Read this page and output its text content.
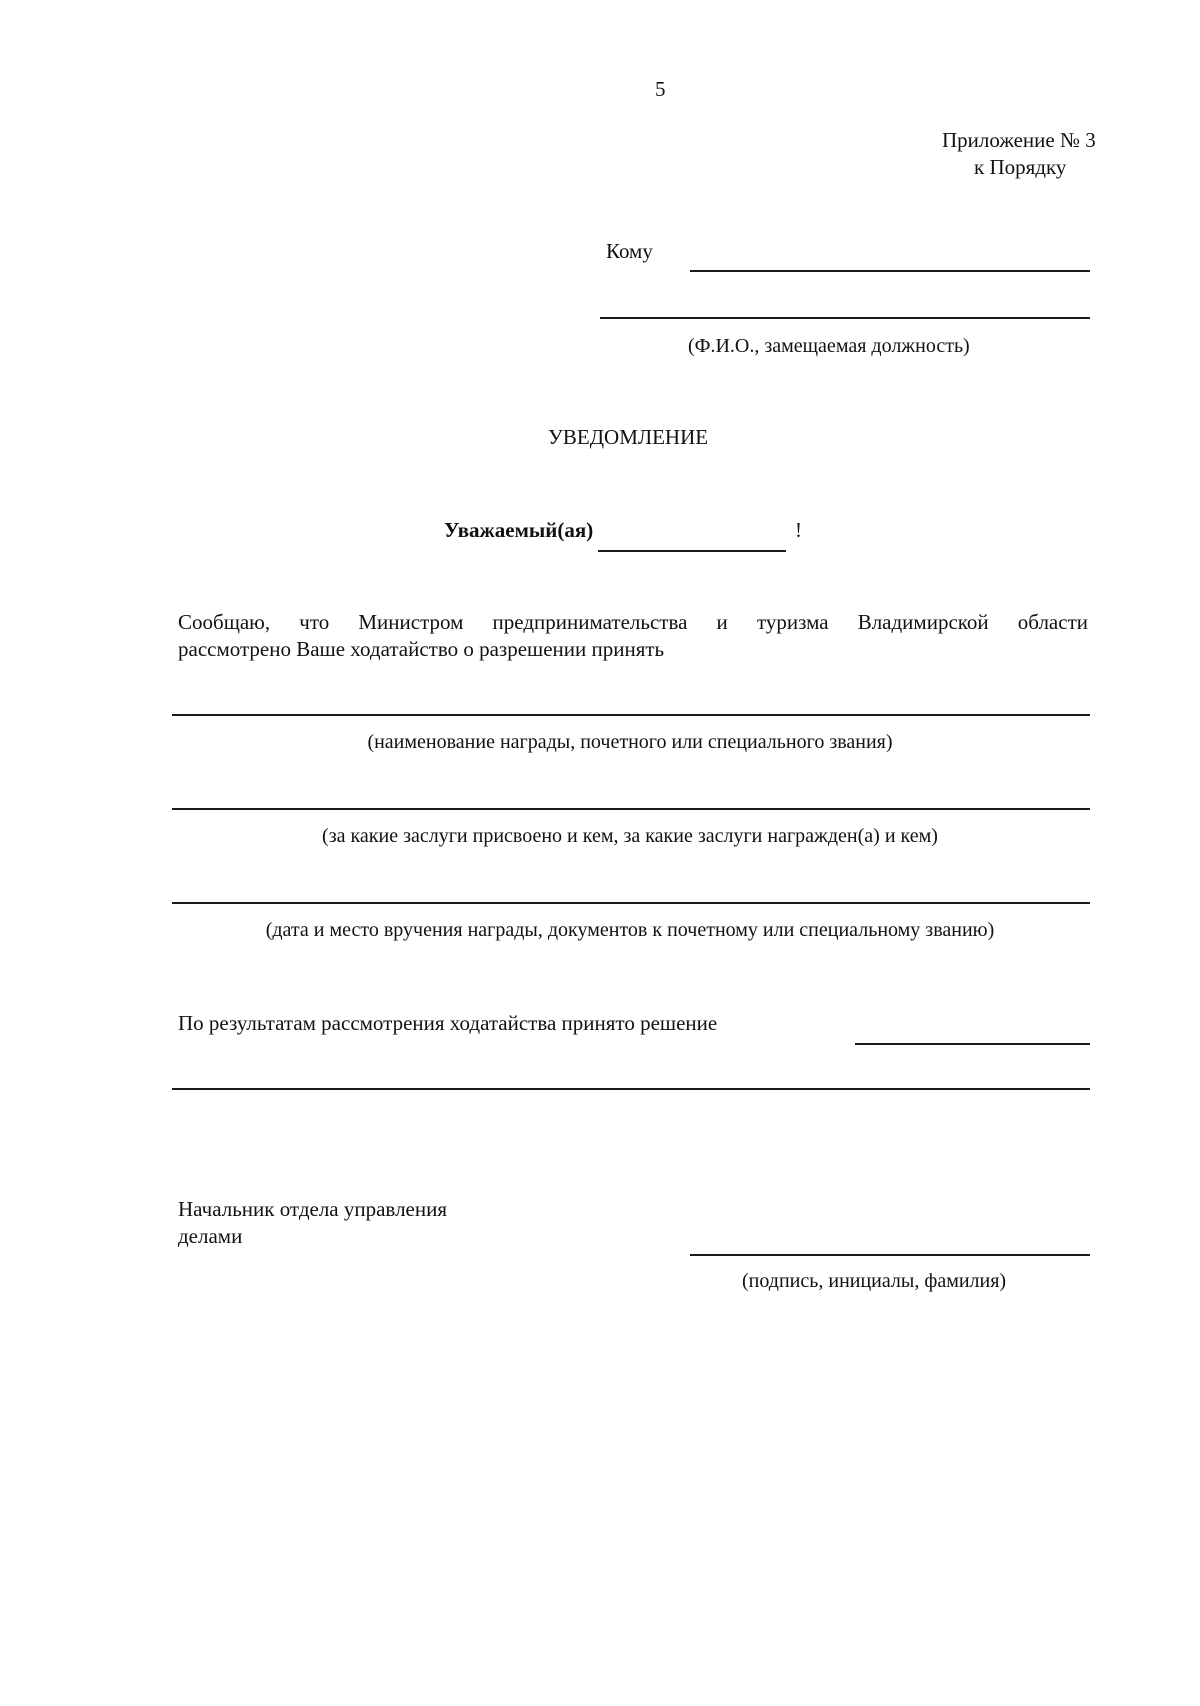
5
Приложение № 3
к Порядку
Кому
(Ф.И.О., замещаемая должность)
УВЕДОМЛЕНИЕ
Уважаемый(ая)	!
Сообщаю, что Министром предпринимательства и туризма Владимирской области
рассмотрено Ваше ходатайство о разрешении принять
(наименование награды, почетного или специального звания)
(за какие заслуги присвоено и кем, за какие заслуги награжден(а) и кем)
(дата и место вручения награды, документов к почетному или специальному званию)
По результатам рассмотрения ходатайства принято решение
Начальник отдела управления
делами
(подпись, инициалы, фамилия)
